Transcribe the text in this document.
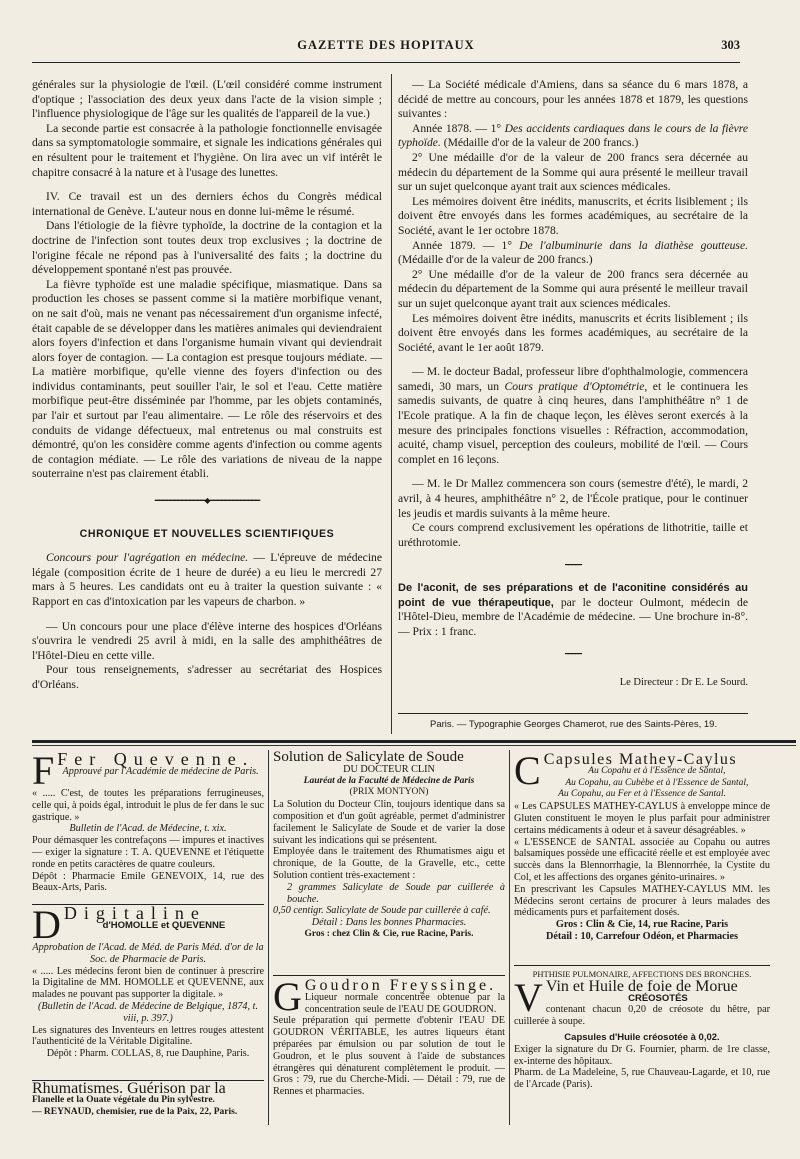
GAZETTE DES HOPITAUX	303

générales sur la physiologie de l'œil. (L'œil considéré comme instrument d'optique ; l'association des deux yeux dans l'acte de la vision simple ; l'influence physiologique de l'âge sur les qualités de l'appareil de la vue.)

La seconde partie est consacrée à la pathologie fonctionnelle envisagée dans sa symptomatologie sommaire, et signale les indications générales qui en résultent pour le traitement et l'hygiène. On lira avec un vif intérêt le chapitre consacré à la nature et à l'usage des lunettes.

IV. Ce travail est un des derniers échos du Congrès médical international de Genève. L'auteur nous en donne lui-même le résumé.

Dans l'étiologie de la fièvre typhoïde, la doctrine de la contagion et la doctrine de l'infection sont toutes deux trop exclusives ; la doctrine de l'origine fécale ne répond pas à l'universalité des faits ; la doctrine du développement spontané n'est pas prouvée.

La fièvre typhoïde est une maladie spécifique, miasmatique. Dans sa production les choses se passent comme si la matière morbifique venant, on ne sait d'où, mais ne venant pas nécessairement d'un organisme infecté, était capable de se développer dans les matières animales qui deviendraient alors foyers d'infection et dans l'organisme humain vivant qui deviendrait alors foyer de contagion. — La contagion est presque toujours médiate. — La matière morbifique, qu'elle vienne des foyers d'infection ou des individus contaminants, peut souiller l'air, le sol et l'eau. Cette matière morbifique peut-être disséminée par l'homme, par les objets contaminés, par l'air et surtout par l'eau alimentaire. — Le rôle des réservoirs et des conduits de vidange défectueux, mal entretenus ou mal construits est démontré, qu'on les considère comme agents d'infection ou comme agents de contagion médiate. — Le rôle des variations de niveau de la nappe souterraine n'est pas clairement établi.

━━━━━━━━━━━━━◆━━━━━━━━━━━━━
CHRONIQUE ET NOUVELLES SCIENTIFIQUES

Concours pour l'agrégation en médecine. — L'épreuve de médecine légale (composition écrite de 1 heure de durée) a eu lieu le mercredi 27 mars à 5 heures. Les candidats ont eu à traiter la question suivante : « Rapport en cas d'intoxication par les vapeurs de charbon. »

— Un concours pour une place d'élève interne des hospices d'Orléans s'ouvrira le vendredi 25 avril à midi, en la salle des amphithéâtres de l'Hôtel-Dieu en cette ville.

Pour tous renseignements, s'adresser au secrétariat des Hospices d'Orléans.

— La Société médicale d'Amiens, dans sa séance du 6 mars 1878, a décidé de mettre au concours, pour les années 1878 et 1879, les questions suivantes :

Année 1878. — 1° Des accidents cardiaques dans le cours de la fièvre typhoïde. (Médaille d'or de la valeur de 200 francs.)

2° Une médaille d'or de la valeur de 200 francs sera décernée au médecin du département de la Somme qui aura présenté le meilleur travail sur un sujet quelconque ayant trait aux sciences médicales.

Les mémoires doivent être inédits, manuscrits, et écrits lisiblement ; ils doivent être envoyés dans les formes académiques, au secrétaire de la Société, avant le 1er octobre 1878.

Année 1879. — 1° De l'albuminurie dans la diathèse goutteuse. (Médaille d'or de la valeur de 200 francs.)

2° Une médaille d'or de la valeur de 200 francs sera décernée au médecin du département de la Somme qui aura présenté le meilleur travail sur un sujet quelconque ayant trait aux sciences médicales.

Les mémoires doivent être inédits, manuscrits et écrits lisiblement ; ils doivent être envoyés dans les formes académiques, au secrétaire de la Société, avant le 1er août 1879.

— M. le docteur Badal, professeur libre d'ophthalmologie, commencera samedi, 30 mars, un Cours pratique d'Optométrie, et le continuera les samedis suivants, de quatre à cinq heures, dans l'amphithéâtre n° 1 de l'Ecole pratique. A la fin de chaque leçon, les élèves seront exercés à la mesure des principales fonctions visuelles : Réfraction, accommodation, acuité, champ visuel, perception des couleurs, mobilité de l'œil. — Cours complet en 16 leçons.

— M. le Dr Mallez commencera son cours (semestre d'été), le mardi, 2 avril, à 4 heures, amphithéâtre n° 2, de l'École pratique, pour le continuer les jeudis et mardis suivants à la même heure.

Ce cours comprend exclusivement les opérations de lithotritie, taille et uréthrotomie.

━━━━━

De l'aconit, de ses préparations et de l'aconitine considérés au point de vue thérapeutique, par le docteur Oulmont, médecin de l'Hôtel-Dieu, membre de l'Académie de médecine. — Une brochure in-8°. — Prix : 1 franc.

━━━━━
Le Directeur : Dr E. Le Sourd.
Paris. — Typographie Georges Chamerot, rue des Saints-Pères, 19.
F Fer Quevenne.
Approuvé par l'Académie de médecine de Paris.

« ..... C'est, de toutes les préparations ferrugineuses, celle qui, à poids égal, introduit le plus de fer dans le suc gastrique. »

Bulletin de l'Acad. de Médecine, t. xix.

Pour démasquer les contrefaçons — impures et inactives — exiger la signature : T. A. QUEVENNE et l'étiquette ronde en petits caractères de quatre couleurs.

Dépôt : Pharmacie Emile GENEVOIX, 14, rue des Beaux-Arts, Paris.

D Digitaline
d'HOMOLLE et QUEVENNE

Approbation de l'Acad. de Méd. de Paris Méd. d'or de la Soc. de Pharmacie de Paris.

« ..... Les médecins feront bien de continuer à prescrire la Digitaline de MM. HOMOLLE et QUEVENNE, aux malades ne pouvant pas supporter la digitale. »

(Bulletin de l'Acad. de Médecine de Belgique, 1874, t. viii, p. 397.)

Les signatures des Inventeurs en lettres rouges attestent l'authenticité de la Véritable Digitaline.

Dépôt : Pharm. COLLAS, 8, rue Dauphine, Paris.

Rhumatismes. Guérison par la

Flanelle et la Ouate végétale du Pin sylvestre.

— REYNAUD, chemisier, rue de la Paix, 22, Paris.

Solution de Salicylate de Soude
DU DOCTEUR CLIN
Lauréat de la Faculté de Médecine de Paris
(PRIX MONTYON)

La Solution du Docteur Clin, toujours identique dans sa composition et d'un goût agréable, permet d'administrer facilement le Salicylate de Soude et de varier la dose suivant les indications qui se présentent.

Employée dans le traitement des Rhumatismes aigu et chronique, de la Goutte, de la Gravelle, etc., cette Solution contient très-exactement :

2 grammes Salicylate de Soude par cuillerée à bouche.

0,50 centigr. Salicylate de Soude par cuillerée à café.

Détail : Dans les bonnes Pharmacies.

Gros : chez Clin & Cie, rue Racine, Paris.

G Goudron Freyssinge.

Liqueur normale concentrée obtenue par la concentration seule de l'EAU DE GOUDRON.

Seule préparation qui permette d'obtenir l'EAU DE GOUDRON VÉRITABLE, les autres liqueurs étant préparées par émulsion ou par solution de tout le Goudron, et le plus souvent à l'aide de substances étrangères qui dénaturent complètement le produit. — Gros : 79, rue du Cherche-Midi. — Détail : 79, rue de Rennes et pharmacies.

C Capsules Mathey-Caylus
Au Copahu et à l'Essence de Santal,
Au Copahu, au Cubèbe et à l'Essence de Santal,
Au Copahu, au Fer et à l'Essence de Santal.

« Les CAPSULES MATHEY-CAYLUS à enveloppe mince de Gluten constituent le moyen le plus parfait pour administrer certains médicaments à odeur et à saveur désagréables. »

« L'ESSENCE de SANTAL associée au Copahu ou autres balsamiques possède une efficacité réelle et est employée avec succès dans la Blennorrhagie, la Blennorrhée, la Cystite du Col, et les affections des organes génito-urinaires. »

En prescrivant les Capsules MATHEY-CAYLUS MM. les Médecins seront certains de procurer à leurs malades des médicaments purs et parfaitement dosés.

Gros : Clin & Cie, 14, rue Racine, Paris

Détail : 10, Carrefour Odéon, et Pharmacies

PHTHISIE PULMONAIRE, AFFECTIONS DES BRONCHES.
V Vin et Huile de foie de Morue
CRÉOSOTÉS

contenant chacun 0,20 de créosote du hêtre, par cuillerée à soupe.

Capsules d'Huile créosotée à 0,02.

Exiger la signature du Dr G. Fournier, pharm. de 1re classe, ex-interne des hôpitaux.

Pharm. de La Madeleine, 5, rue Chauveau-Lagarde, et 10, rue de l'Arcade (Paris).
